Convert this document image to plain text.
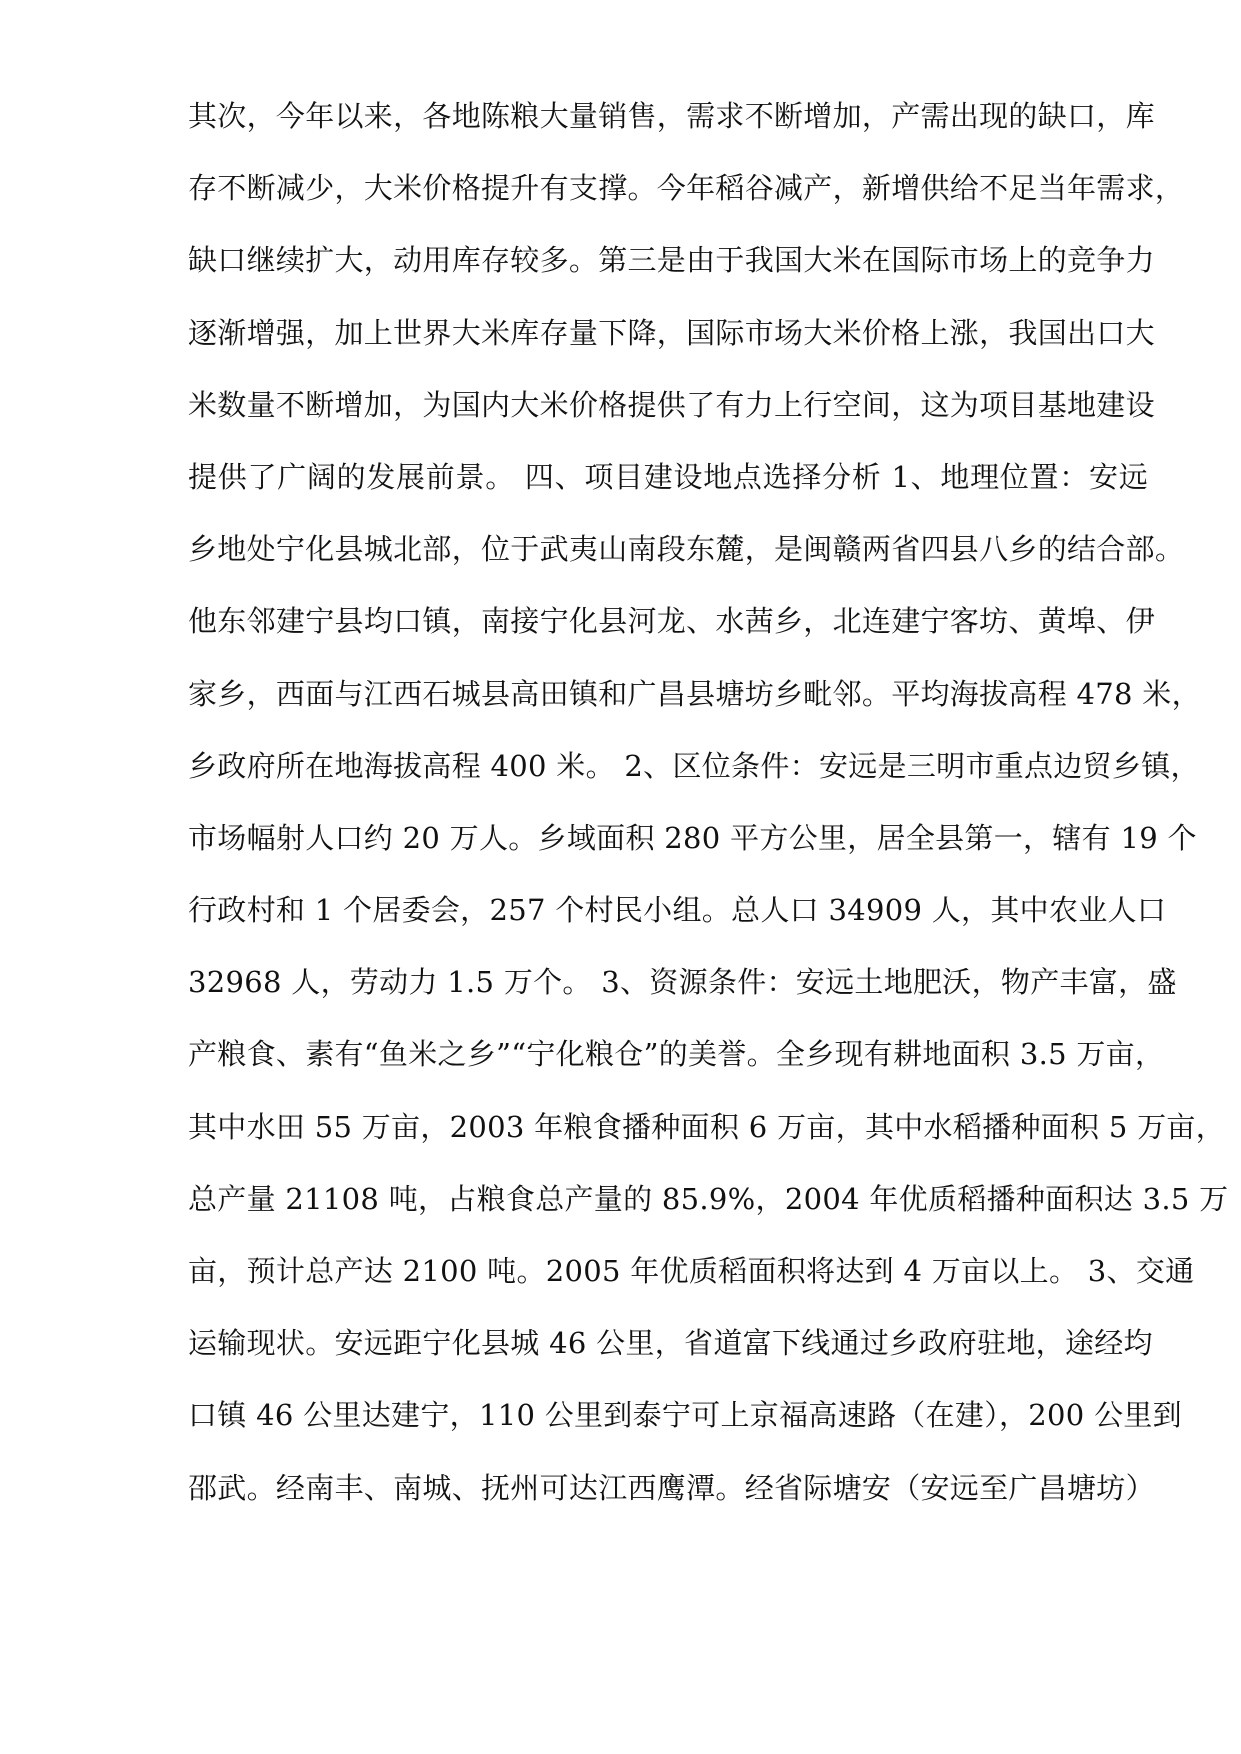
其次，今年以来，各地陈粮大量销售，需求不断增加，产需出现的缺口，库
存不断减少，大米价格提升有支撑。今年稻谷减产，新增供给不足当年需求，
缺口继续扩大，动用库存较多。第三是由于我国大米在国际市场上的竞争力
逐渐增强，加上世界大米库存量下降，国际市场大米价格上涨，我国出口大
米数量不断增加，为国内大米价格提供了有力上行空间，这为项目基地建设
提供了广阔的发展前景。 四、项目建设地点选择分析 1、地理位置：安远
乡地处宁化县城北部，位于武夷山南段东麓，是闽赣两省四县八乡的结合部。
他东邻建宁县均口镇，南接宁化县河龙、水茜乡，北连建宁客坊、黄埠、伊
家乡，西面与江西石城县高田镇和广昌县塘坊乡毗邻。平均海拔高程 478 米，
乡政府所在地海拔高程 400 米。 2、区位条件：安远是三明市重点边贸乡镇，
市场幅射人口约 20 万人。乡域面积 280 平方公里，居全县第一，辖有 19 个
行政村和 1 个居委会，257 个村民小组。总人口 34909 人，其中农业人口
32968 人，劳动力 1.5 万个。 3、资源条件：安远土地肥沃，物产丰富，盛
产粮食、素有“鱼米之乡”“宁化粮仓”的美誉。全乡现有耕地面积 3.5 万亩，
其中水田 55 万亩，2003 年粮食播种面积 6 万亩，其中水稻播种面积 5 万亩，
总产量 21108 吨，占粮食总产量的 85.9%，2004 年优质稻播种面积达 3.5 万
亩，预计总产达 2100 吨。2005 年优质稻面积将达到 4 万亩以上。 3、交通
运输现状。安远距宁化县城 46 公里，省道富下线通过乡政府驻地，途经均
口镇 46 公里达建宁，110 公里到泰宁可上京福高速路（在建），200 公里到
邵武。经南丰、南城、抚州可达江西鹰潭。经省际塘安（安远至广昌塘坊）
